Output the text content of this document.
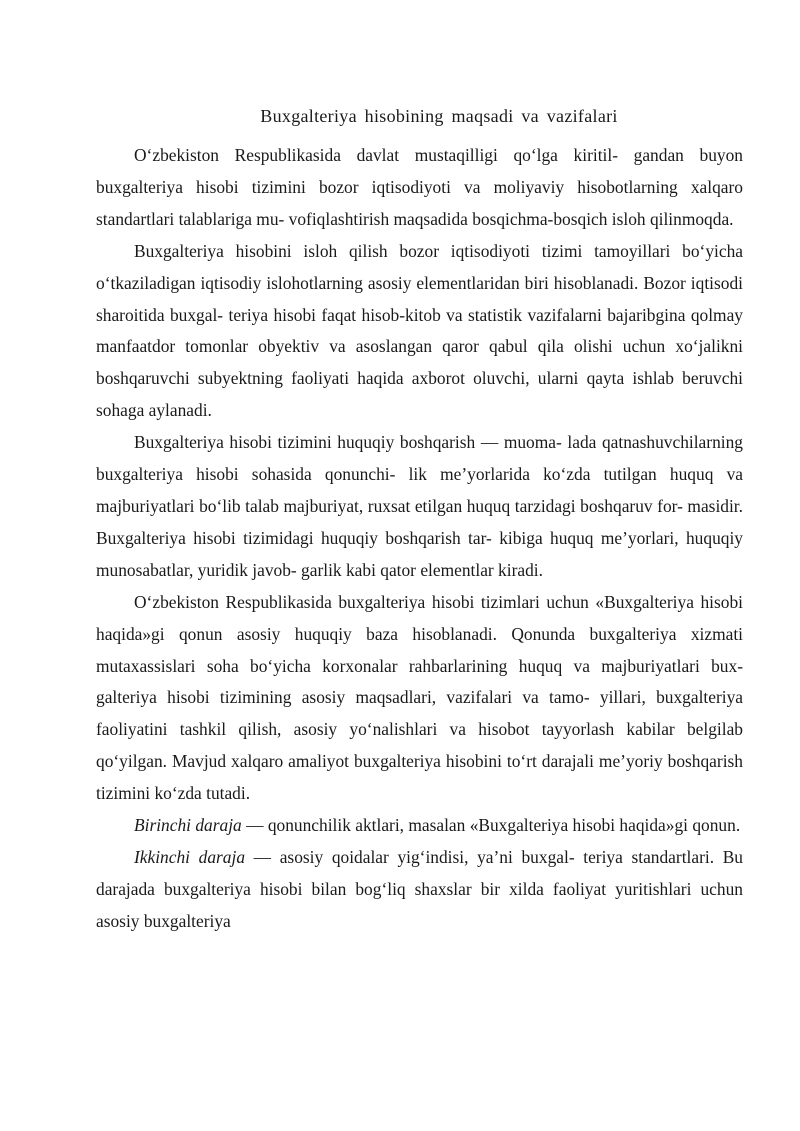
Buxgalteriya hisobining maqsadi va vazifalari

O‘zbekiston Respublikasida davlat mustaqilligi qo‘lga kiritil- gandan buyon buxgalteriya hisobi tizimini bozor iqtisodiyoti va moliyaviy hisobotlarning xalqaro standartlari talablariga mu- vofiqlashtirish maqsadida bosqichma-bosqich isloh qilinmoqda.

Buxgalteriya hisobini isloh qilish bozor iqtisodiyoti tizimi tamoyillari bo‘yicha o‘tkaziladigan iqtisodiy islohotlarning asosiy elementlaridan biri hisoblanadi. Bozor iqtisodi sharoitida buxgal- teriya hisobi faqat hisob-kitob va statistik vazifalarni bajaribgina qolmay manfaatdor tomonlar obyektiv va asoslangan qaror qabul qila olishi uchun xo‘jalikni boshqaruvchi subyektning faoliyati haqida axborot oluvchi, ularni qayta ishlab beruvchi sohaga aylanadi.

Buxgalteriya hisobi tizimini huquqiy boshqarish — muoma- lada qatnashuvchilarning buxgalteriya hisobi sohasida qonunchi- lik me’yorlarida ko‘zda tutilgan huquq va majburiyatlari bo‘lib talab majburiyat, ruxsat etilgan huquq tarzidagi boshqaruv for- masidir. Buxgalteriya hisobi tizimidagi huquqiy boshqarish tar- kibiga huquq me’yorlari, huquqiy munosabatlar, yuridik javob- garlik kabi qator elementlar kiradi.

O‘zbekiston Respublikasida buxgalteriya hisobi tizimlari uchun «Buxgalteriya hisobi haqida»gi qonun asosiy huquqiy baza hisoblanadi. Qonunda buxgalteriya xizmati mutaxassislari soha bo‘yicha korxonalar rahbarlarining huquq va majburiyatlari bux- galteriya hisobi tizimining asosiy maqsadlari, vazifalari va tamo- yillari, buxgalteriya faoliyatini tashkil qilish, asosiy yo‘nalishlari va hisobot tayyorlash kabilar belgilab qo‘yilgan. Mavjud xalqaro amaliyot buxgalteriya hisobini to‘rt darajali me’yoriy boshqarish tizimini ko‘zda tutadi.

Birinchi daraja — qonunchilik aktlari, masalan «Buxgalteriya hisobi haqida»gi qonun.

Ikkinchi daraja — asosiy qoidalar yig‘indisi, ya’ni buxgal- teriya standartlari. Bu darajada buxgalteriya hisobi bilan bog‘liq shaxslar bir xilda faoliyat yuritishlari uchun asosiy buxgalteriya
